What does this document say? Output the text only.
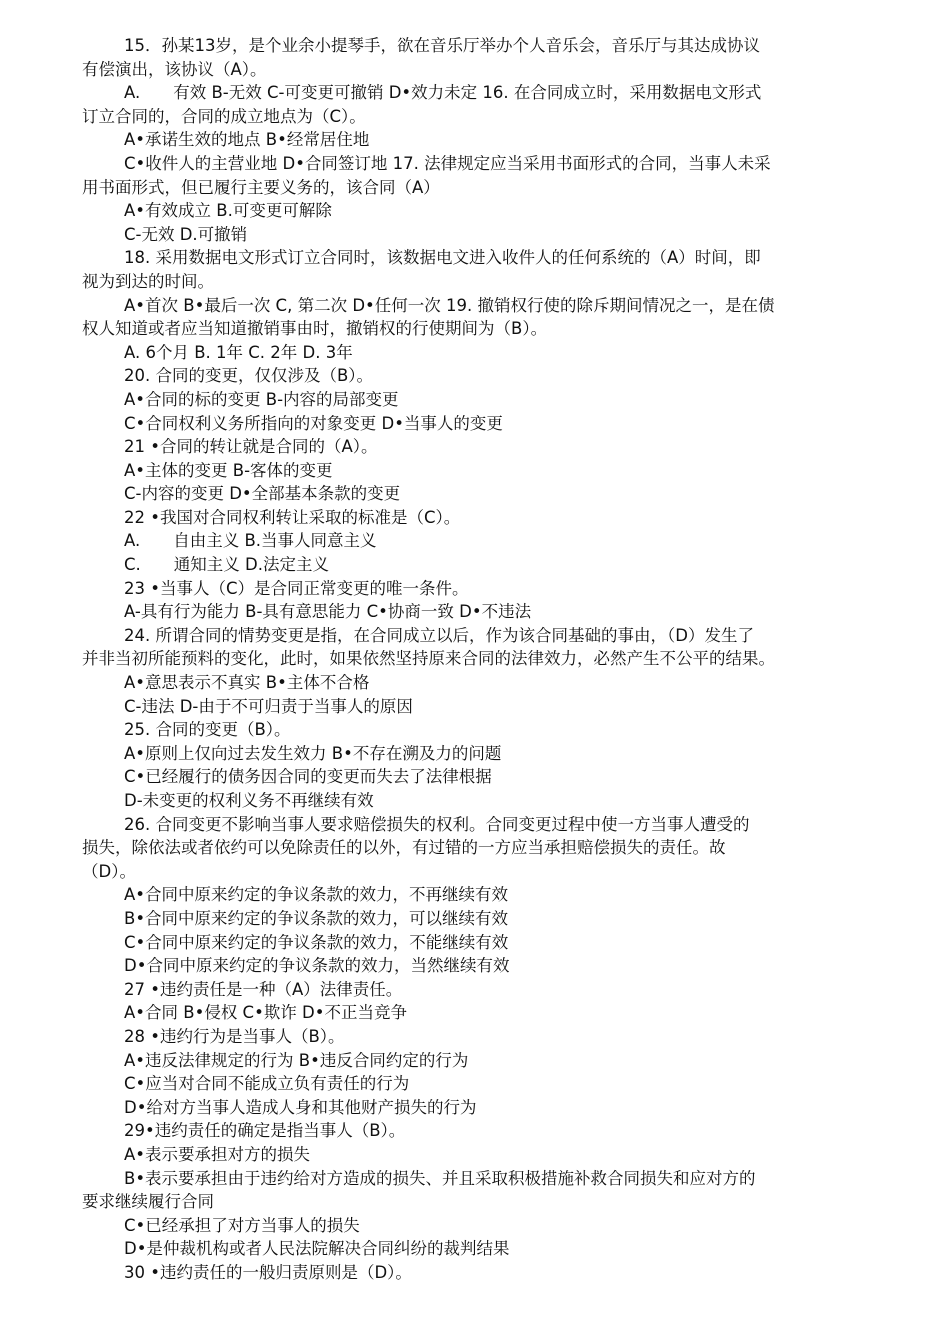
15．孙某13岁，是个业余小提琴手，欲在音乐厅举办个人音乐会，音乐厅与其达成协议

有偿演出，该协议（A）。

A.　　有效 B-无效 C-可变更可撤销 D•效力未定 16. 在合同成立时，采用数据电文形式

订立合同的，合同的成立地点为（C）。

A•承诺生效的地点 B•经常居住地

C•收件人的主营业地 D•合同签订地 17. 法律规定应当采用书面形式的合同，当事人未采

用书面形式，但已履行主要义务的，该合同（A）

A•有效成立 B.可变更可解除

C-无效 D.可撤销

18. 采用数据电文形式订立合同时，该数据电文进入收件人的任何系统的（A）时间，即

视为到达的时间。

A•首次 B•最后一次 C, 第二次 D•任何一次 19. 撤销权行使的除斥期间情况之一，是在债

权人知道或者应当知道撤销事由时，撤销权的行使期间为（B）。

A. 6个月 B. 1年 C. 2年 D. 3年

20. 合同的变更，仅仅涉及（B）。

A•合同的标的变更 B-内容的局部变更

C•合同权利义务所指向的对象变更 D•当事人的变更

21 •合同的转让就是合同的（A）。

A•主体的变更 B-客体的变更

C-内容的变更 D•全部基本条款的变更

22 •我国对合同权利转让采取的标准是（C）。

A.　　自由主义 B.当事人同意主义

C.　　通知主义 D.法定主义

23 •当事人（C）是合同正常变更的唯一条件。

A-具有行为能力 B-具有意思能力 C•协商一致 D•不违法

24. 所谓合同的情势变更是指，在合同成立以后，作为该合同基础的事由，（D）发生了

并非当初所能预料的变化，此时，如果依然坚持原来合同的法律效力，必然产生不公平的结果。

A•意思表示不真实 B•主体不合格

C-违法 D-由于不可归责于当事人的原因

25. 合同的变更（B）。

A•原则上仅向过去发生效力 B•不存在溯及力的问题

C•已经履行的债务因合同的变更而失去了法律根据

D-未变更的权利义务不再继续有效

26. 合同变更不影响当事人要求赔偿损失的权利。合同变更过程中使一方当事人遭受的

损失，除依法或者依约可以免除责任的以外，有过错的一方应当承担赔偿损失的责任。故

（D）。

A•合同中原来约定的争议条款的效力，不再继续有效

B•合同中原来约定的争议条款的效力，可以继续有效

C•合同中原来约定的争议条款的效力，不能继续有效

D•合同中原来约定的争议条款的效力，当然继续有效

27 •违约责任是一种（A）法律责任。

A•合同 B•侵权 C•欺诈 D•不正当竞争

28 •违约行为是当事人（B）。

A•违反法律规定的行为 B•违反合同约定的行为

C•应当对合同不能成立负有责任的行为

D•给对方当事人造成人身和其他财产损失的行为

29•违约责任的确定是指当事人（B）。

A•表示要承担对方的损失

B•表示要承担由于违约给对方造成的损失、并且采取积极措施补救合同损失和应对方的

要求继续履行合同

C•已经承担了对方当事人的损失

D•是仲裁机构或者人民法院解决合同纠纷的裁判结果

30 •违约责任的一般归责原则是（D）。
